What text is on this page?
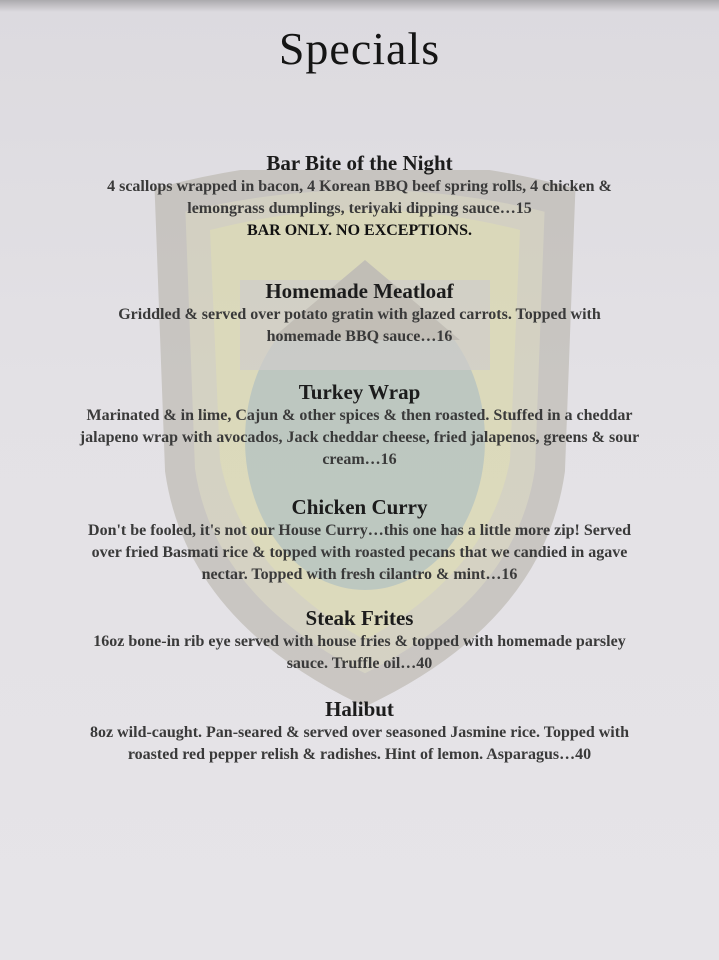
Specials
Bar Bite of the Night
4 scallops wrapped in bacon, 4 Korean BBQ beef spring rolls, 4 chicken &
lemongrass dumplings, teriyaki dipping sauce…15
BAR ONLY. NO EXCEPTIONS.
Homemade Meatloaf
Griddled & served over potato gratin with glazed carrots. Topped with
homemade BBQ sauce…16
Turkey Wrap
Marinated & in lime, Cajun & other spices & then roasted. Stuffed in a cheddar
jalapeno wrap with avocados, Jack cheddar cheese, fried jalapenos, greens & sour
cream…16
Chicken Curry
Don't be fooled, it's not our House Curry…this one has a little more zip! Served
over fried Basmati rice & topped with roasted pecans that we candied in agave
nectar. Topped with fresh cilantro & mint…16
Steak Frites
16oz bone-in rib eye served with house fries & topped with homemade parsley
sauce. Truffle oil…40
Halibut
8oz wild-caught. Pan-seared & served over seasoned Jasmine rice. Topped with
roasted red pepper relish & radishes. Hint of lemon. Asparagus…40
